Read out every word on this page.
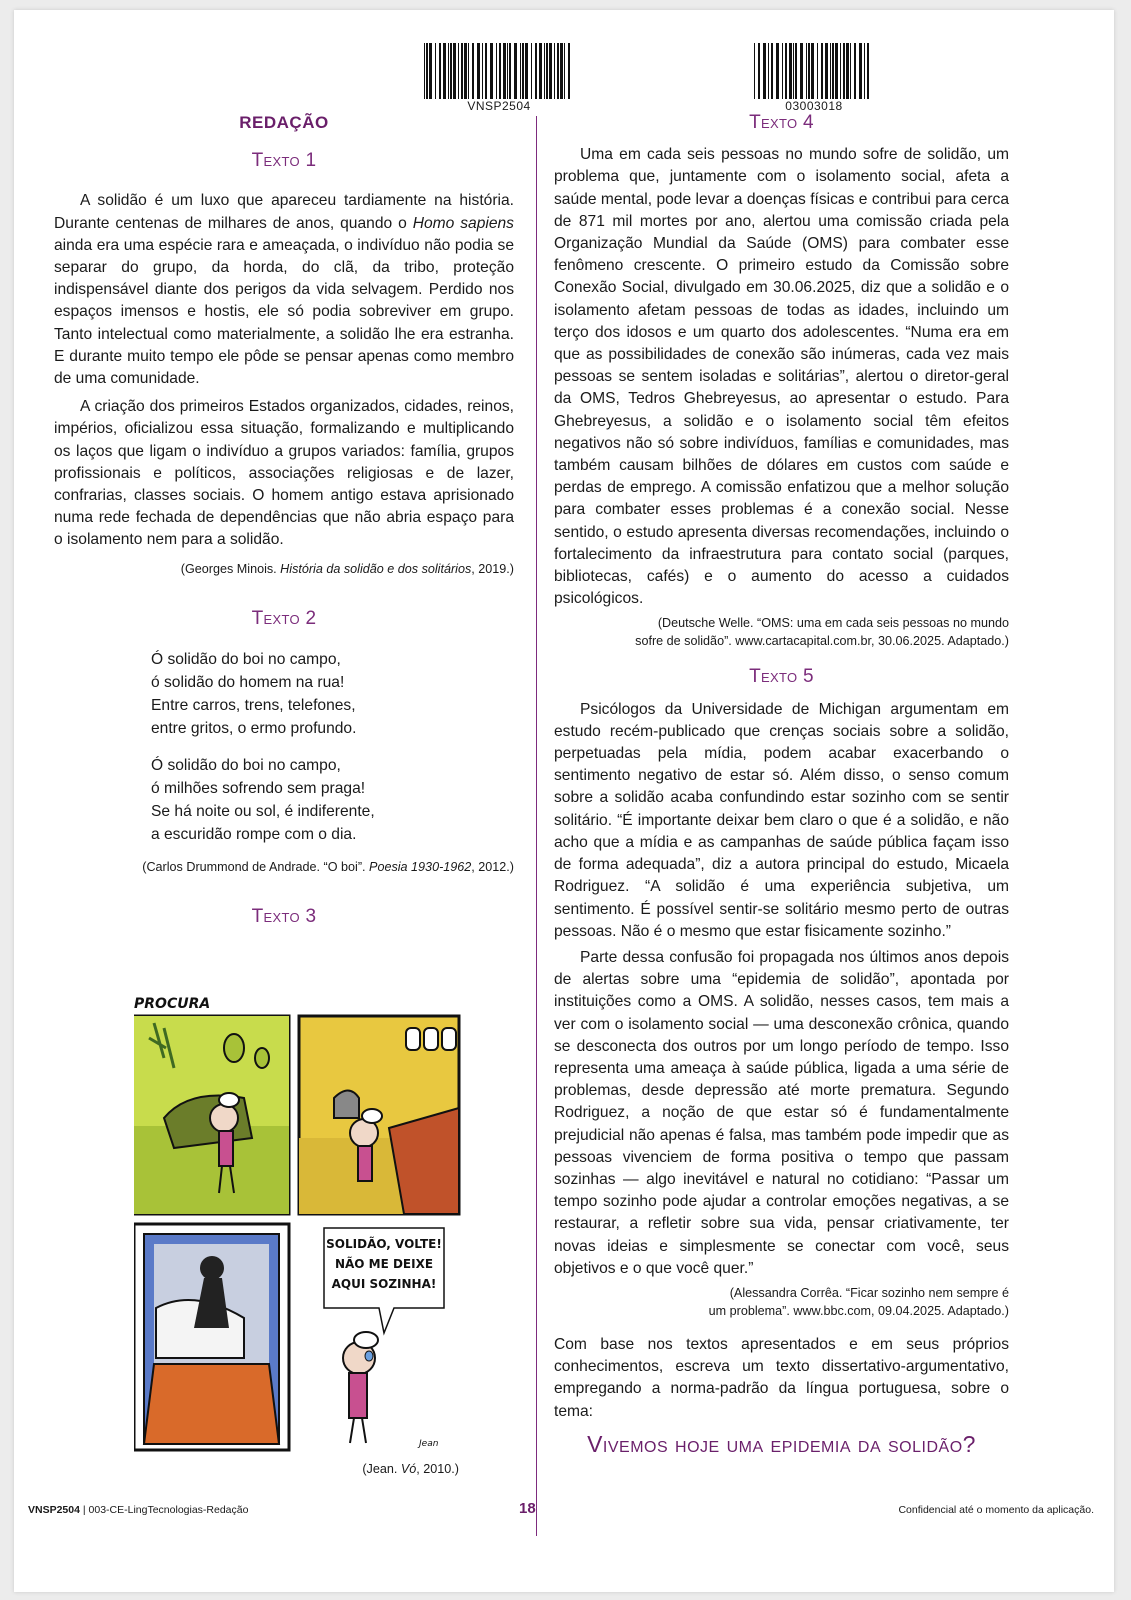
VNSP2504	03003018
REDAÇÃO
Texto 1

A solidão é um luxo que apareceu tardiamente na história. Durante centenas de milhares de anos, quando o Homo sapiens ainda era uma espécie rara e ameaçada, o indivíduo não podia se separar do grupo, da horda, do clã, da tribo, proteção indispensável diante dos perigos da vida selvagem. Perdido nos espaços imensos e hostis, ele só podia sobreviver em grupo. Tanto intelectual como materialmente, a solidão lhe era estranha. E durante muito tempo ele pôde se pensar apenas como membro de uma comunidade.

A criação dos primeiros Estados organizados, cidades, reinos, impérios, oficializou essa situação, formalizando e multiplicando os laços que ligam o indivíduo a grupos variados: família, grupos profissionais e políticos, associações religiosas e de lazer, confrarias, classes sociais. O homem antigo estava aprisionado numa rede fechada de dependências que não abria espaço para o isolamento nem para a solidão.

(Georges Minois. História da solidão e dos solitários, 2019.)
Texto 2
Ó solidão do boi no campo,
ó solidão do homem na rua!
Entre carros, trens, telefones,
entre gritos, o ermo profundo.
Ó solidão do boi no campo,
ó milhões sofrendo sem praga!
Se há noite ou sol, é indiferente,
a escuridão rompe com o dia.
(Carlos Drummond de Andrade. “O boi”. Poesia 1930-1962, 2012.)
Texto 3
PROCURA
SOLIDÃO, VOLTE!
NÃO ME DEIXE
AQUI SOZINHA!
Jean
(Jean. Vó, 2010.)
Texto 4

Uma em cada seis pessoas no mundo sofre de solidão, um problema que, juntamente com o isolamento social, afeta a saúde mental, pode levar a doenças físicas e contribui para cerca de 871 mil mortes por ano, alertou uma comissão criada pela Organização Mundial da Saúde (OMS) para combater esse fenômeno crescente. O primeiro estudo da Comissão sobre Conexão Social, divulgado em 30.06.2025, diz que a solidão e o isolamento afetam pessoas de todas as idades, incluindo um terço dos idosos e um quarto dos adolescentes. “Numa era em que as possibilidades de conexão são inúmeras, cada vez mais pessoas se sentem isoladas e solitárias”, alertou o diretor-geral da OMS, Tedros Ghebreyesus, ao apresentar o estudo. Para Ghebreyesus, a solidão e o isolamento social têm efeitos negativos não só sobre indivíduos, famílias e comunidades, mas também causam bilhões de dólares em custos com saúde e perdas de emprego. A comissão enfatizou que a melhor solução para combater esses problemas é a conexão social. Nesse sentido, o estudo apresenta diversas recomendações, incluindo o fortalecimento da infraestrutura para contato social (parques, bibliotecas, cafés) e o aumento do acesso a cuidados psicológicos.

(Deutsche Welle. “OMS: uma em cada seis pessoas no mundo
sofre de solidão”. www.cartacapital.com.br, 30.06.2025. Adaptado.)
Texto 5

Psicólogos da Universidade de Michigan argumentam em estudo recém-publicado que crenças sociais sobre a solidão, perpetuadas pela mídia, podem acabar exacerbando o sentimento negativo de estar só. Além disso, o senso comum sobre a solidão acaba confundindo estar sozinho com se sentir solitário. “É importante deixar bem claro o que é a solidão, e não acho que a mídia e as campanhas de saúde pública façam isso de forma adequada”, diz a autora principal do estudo, Micaela Rodriguez. “A solidão é uma experiência subjetiva, um sentimento. É possível sentir-se solitário mesmo perto de outras pessoas. Não é o mesmo que estar fisicamente sozinho.”

Parte dessa confusão foi propagada nos últimos anos depois de alertas sobre uma “epidemia de solidão”, apontada por instituições como a OMS. A solidão, nesses casos, tem mais a ver com o isolamento social — uma desconexão crônica, quando se desconecta dos outros por um longo período de tempo. Isso representa uma ameaça à saúde pública, ligada a uma série de problemas, desde depressão até morte prematura. Segundo Rodriguez, a noção de que estar só é fundamentalmente prejudicial não apenas é falsa, mas também pode impedir que as pessoas vivenciem de forma positiva o tempo que passam sozinhas — algo inevitável e natural no cotidiano: “Passar um tempo sozinho pode ajudar a controlar emoções negativas, a se restaurar, a refletir sobre sua vida, pensar criativamente, ter novas ideias e simplesmente se conectar com você, seus objetivos e o que você quer.”

(Alessandra Corrêa. “Ficar sozinho nem sempre é
um problema”. www.bbc.com, 09.04.2025. Adaptado.)
Com base nos textos apresentados e em seus próprios conhecimentos, escreva um texto dissertativo-argumentativo, empregando a norma-padrão da língua portuguesa, sobre o tema:
Vivemos hoje uma epidemia da solidão?
VNSP2504 | 003-CE-LingTecnologias-Redação	18	Confidencial até o momento da aplicação.
